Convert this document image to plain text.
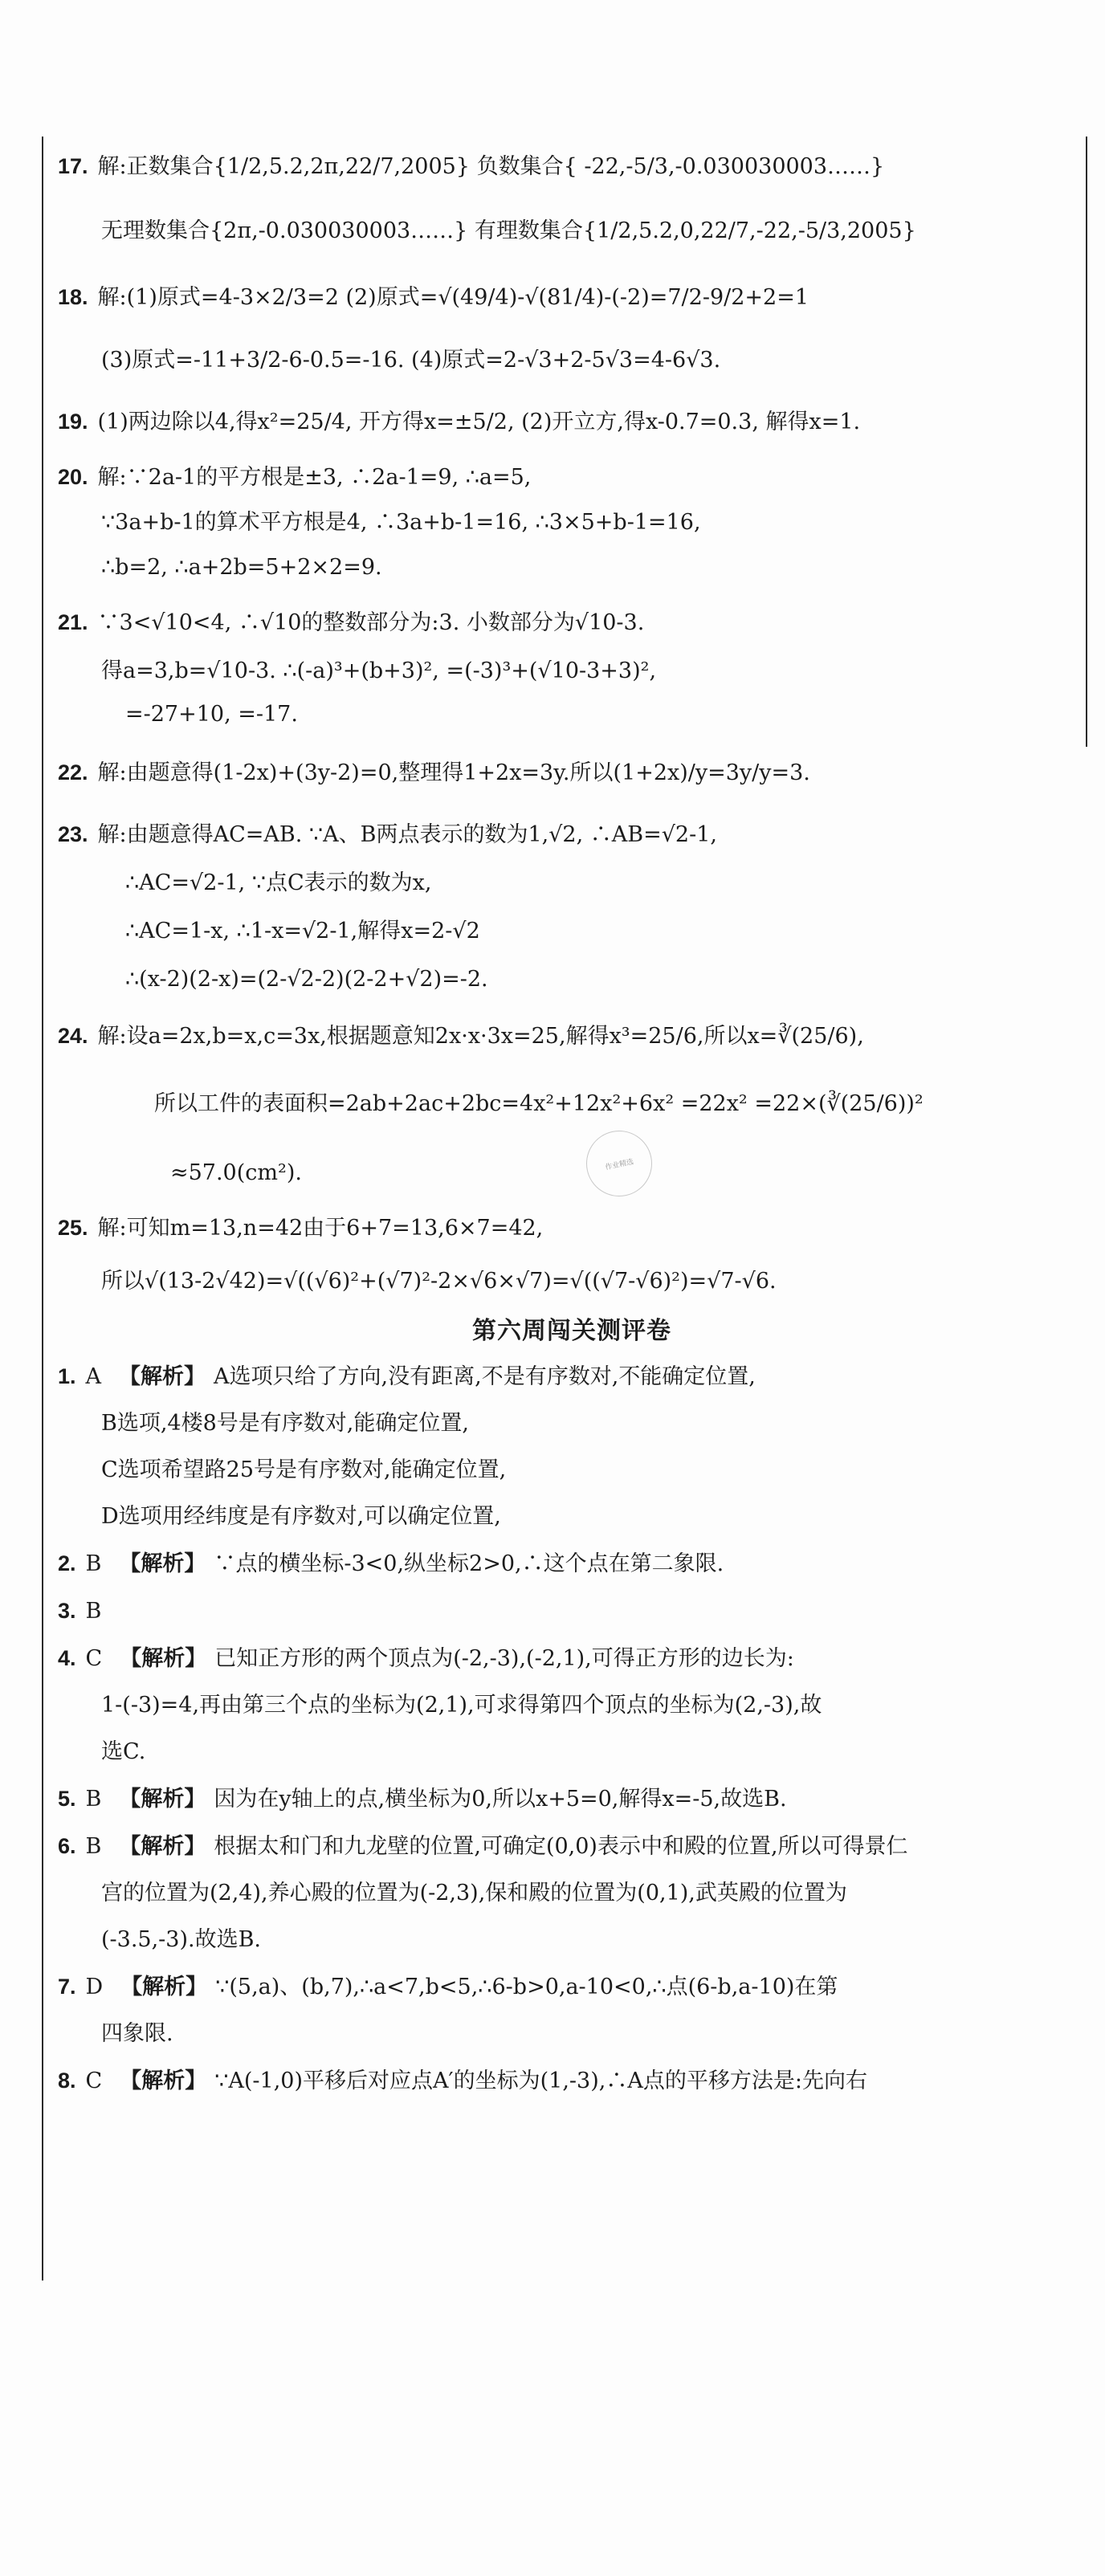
17. 解:正数集合{1/2,5.2,2π,22/7,2005} 负数集合{ -22,-5/3,-0.030030003……}
无理数集合{2π,-0.030030003……} 有理数集合{1/2,5.2,0,22/7,-22,-5/3,2005}
18. 解:(1)原式=4-3×2/3=2 (2)原式=√(49/4)-√(81/4)-(-2)=7/2-9/2+2=1
(3)原式=-11+3/2-6-0.5=-16. (4)原式=2-√3+2-5√3=4-6√3.
19. (1)两边除以4,得x²=25/4, 开方得x=±5/2, (2)开立方,得x-0.7=0.3, 解得x=1.
20. 解:∵2a-1的平方根是±3, ∴2a-1=9, ∴a=5,
∵3a+b-1的算术平方根是4, ∴3a+b-1=16, ∴3×5+b-1=16,
∴b=2, ∴a+2b=5+2×2=9.
21. ∵3<√10<4, ∴√10的整数部分为:3. 小数部分为√10-3.
得a=3,b=√10-3. ∴(-a)³+(b+3)², =(-3)³+(√10-3+3)²,
=-27+10, =-17.
22. 解:由题意得(1-2x)+(3y-2)=0,整理得1+2x=3y.所以(1+2x)/y=3y/y=3.
23. 解:由题意得AC=AB. ∵A、B两点表示的数为1,√2, ∴AB=√2-1,
∴AC=√2-1, ∵点C表示的数为x,
∴AC=1-x, ∴1-x=√2-1,解得x=2-√2
∴(x-2)(2-x)=(2-√2-2)(2-2+√2)=-2.
24. 解:设a=2x,b=x,c=3x,根据题意知2x·x·3x=25,解得x³=25/6,所以x=∛(25/6),
所以工件的表面积=2ab+2ac+2bc=4x²+12x²+6x² =22x² =22×(∛(25/6))²
≈57.0(cm²).
25. 解:可知m=13,n=42由于6+7=13,6×7=42,
所以√(13-2√42)=√((√6)²+(√7)²-2×√6×√7)=√((√7-√6)²)=√7-√6.
第六周闯关测评卷
1. A 【解析】 A选项只给了方向,没有距离,不是有序数对,不能确定位置,
B选项,4楼8号是有序数对,能确定位置,
C选项希望路25号是有序数对,能确定位置,
D选项用经纬度是有序数对,可以确定位置,
2. B 【解析】 ∵点的横坐标-3<0,纵坐标2>0,∴这个点在第二象限.
3. B
4. C 【解析】 已知正方形的两个顶点为(-2,-3),(-2,1),可得正方形的边长为:
1-(-3)=4,再由第三个点的坐标为(2,1),可求得第四个顶点的坐标为(2,-3),故
选C.
5. B 【解析】 因为在y轴上的点,横坐标为0,所以x+5=0,解得x=-5,故选B.
6. B 【解析】 根据太和门和九龙壁的位置,可确定(0,0)表示中和殿的位置,所以可得景仁
宫的位置为(2,4),养心殿的位置为(-2,3),保和殿的位置为(0,1),武英殿的位置为
(-3.5,-3).故选B.
7. D 【解析】 ∵(5,a)、(b,7),∴a<7,b<5,∴6-b>0,a-10<0,∴点(6-b,a-10)在第
四象限.
8. C 【解析】 ∵A(-1,0)平移后对应点A′的坐标为(1,-3),∴A点的平移方法是:先向右
作业精选
